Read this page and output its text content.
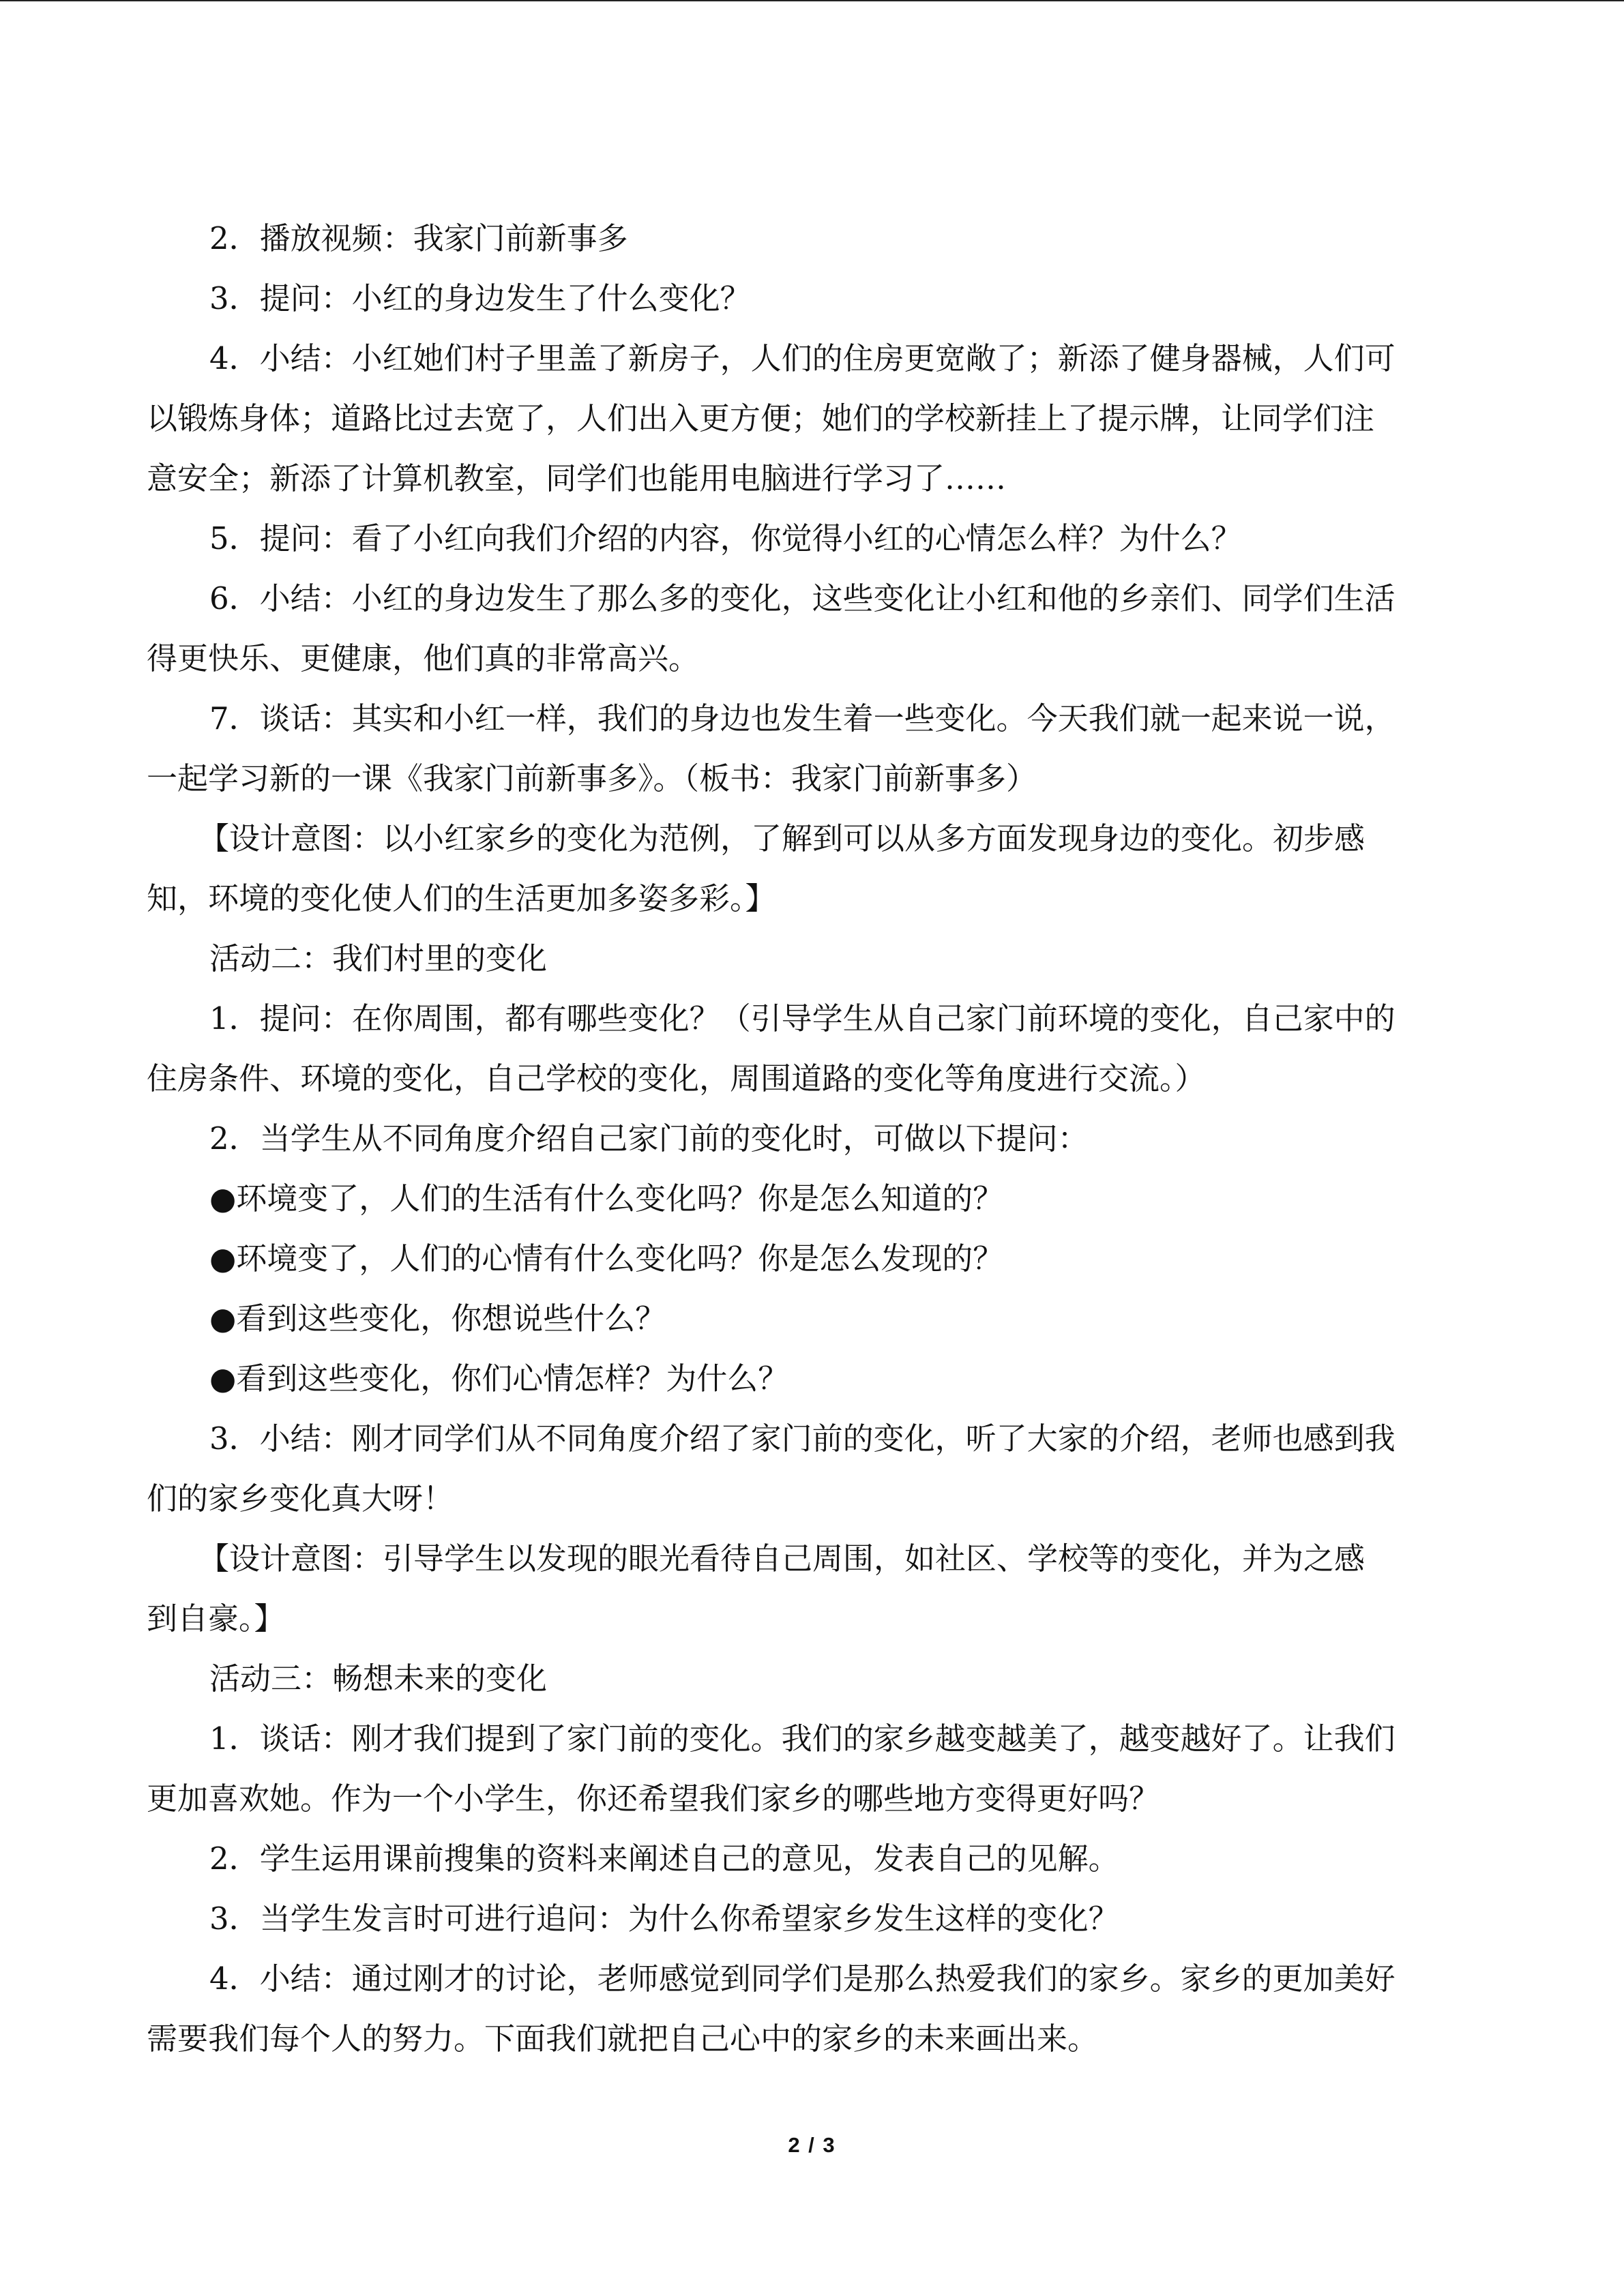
2．播放视频：我家门前新事多
3．提问：小红的身边发生了什么变化？
4．小结：小红她们村子里盖了新房子，人们的住房更宽敞了；新添了健身器械，人们可
以锻炼身体；道路比过去宽了，人们出入更方便；她们的学校新挂上了提示牌，让同学们注
意安全；新添了计算机教室，同学们也能用电脑进行学习了……
5．提问：看了小红向我们介绍的内容，你觉得小红的心情怎么样？为什么？
6．小结：小红的身边发生了那么多的变化，这些变化让小红和他的乡亲们、同学们生活
得更快乐、更健康，他们真的非常高兴。
7．谈话：其实和小红一样，我们的身边也发生着一些变化。今天我们就一起来说一说，
一起学习新的一课《我家门前新事多》。（板书：我家门前新事多）
【设计意图：以小红家乡的变化为范例，了解到可以从多方面发现身边的变化。初步感
知，环境的变化使人们的生活更加多姿多彩。】
活动二：我们村里的变化
1．提问：在你周围，都有哪些变化？（引导学生从自己家门前环境的变化，自己家中的
住房条件、环境的变化，自己学校的变化，周围道路的变化等角度进行交流。）
2．当学生从不同角度介绍自己家门前的变化时，可做以下提问：
●环境变了，人们的生活有什么变化吗？你是怎么知道的？
●环境变了，人们的心情有什么变化吗？你是怎么发现的？
●看到这些变化，你想说些什么？
●看到这些变化，你们心情怎样？为什么？
3．小结：刚才同学们从不同角度介绍了家门前的变化，听了大家的介绍，老师也感到我
们的家乡变化真大呀！
【设计意图：引导学生以发现的眼光看待自己周围，如社区、学校等的变化，并为之感
到自豪。】
活动三：畅想未来的变化
1．谈话：刚才我们提到了家门前的变化。我们的家乡越变越美了，越变越好了。让我们
更加喜欢她。作为一个小学生，你还希望我们家乡的哪些地方变得更好吗？
2．学生运用课前搜集的资料来阐述自己的意见，发表自己的见解。
3．当学生发言时可进行追问：为什么你希望家乡发生这样的变化？
4．小结：通过刚才的讨论，老师感觉到同学们是那么热爱我们的家乡。家乡的更加美好
需要我们每个人的努力。下面我们就把自己心中的家乡的未来画出来。
2 / 3
